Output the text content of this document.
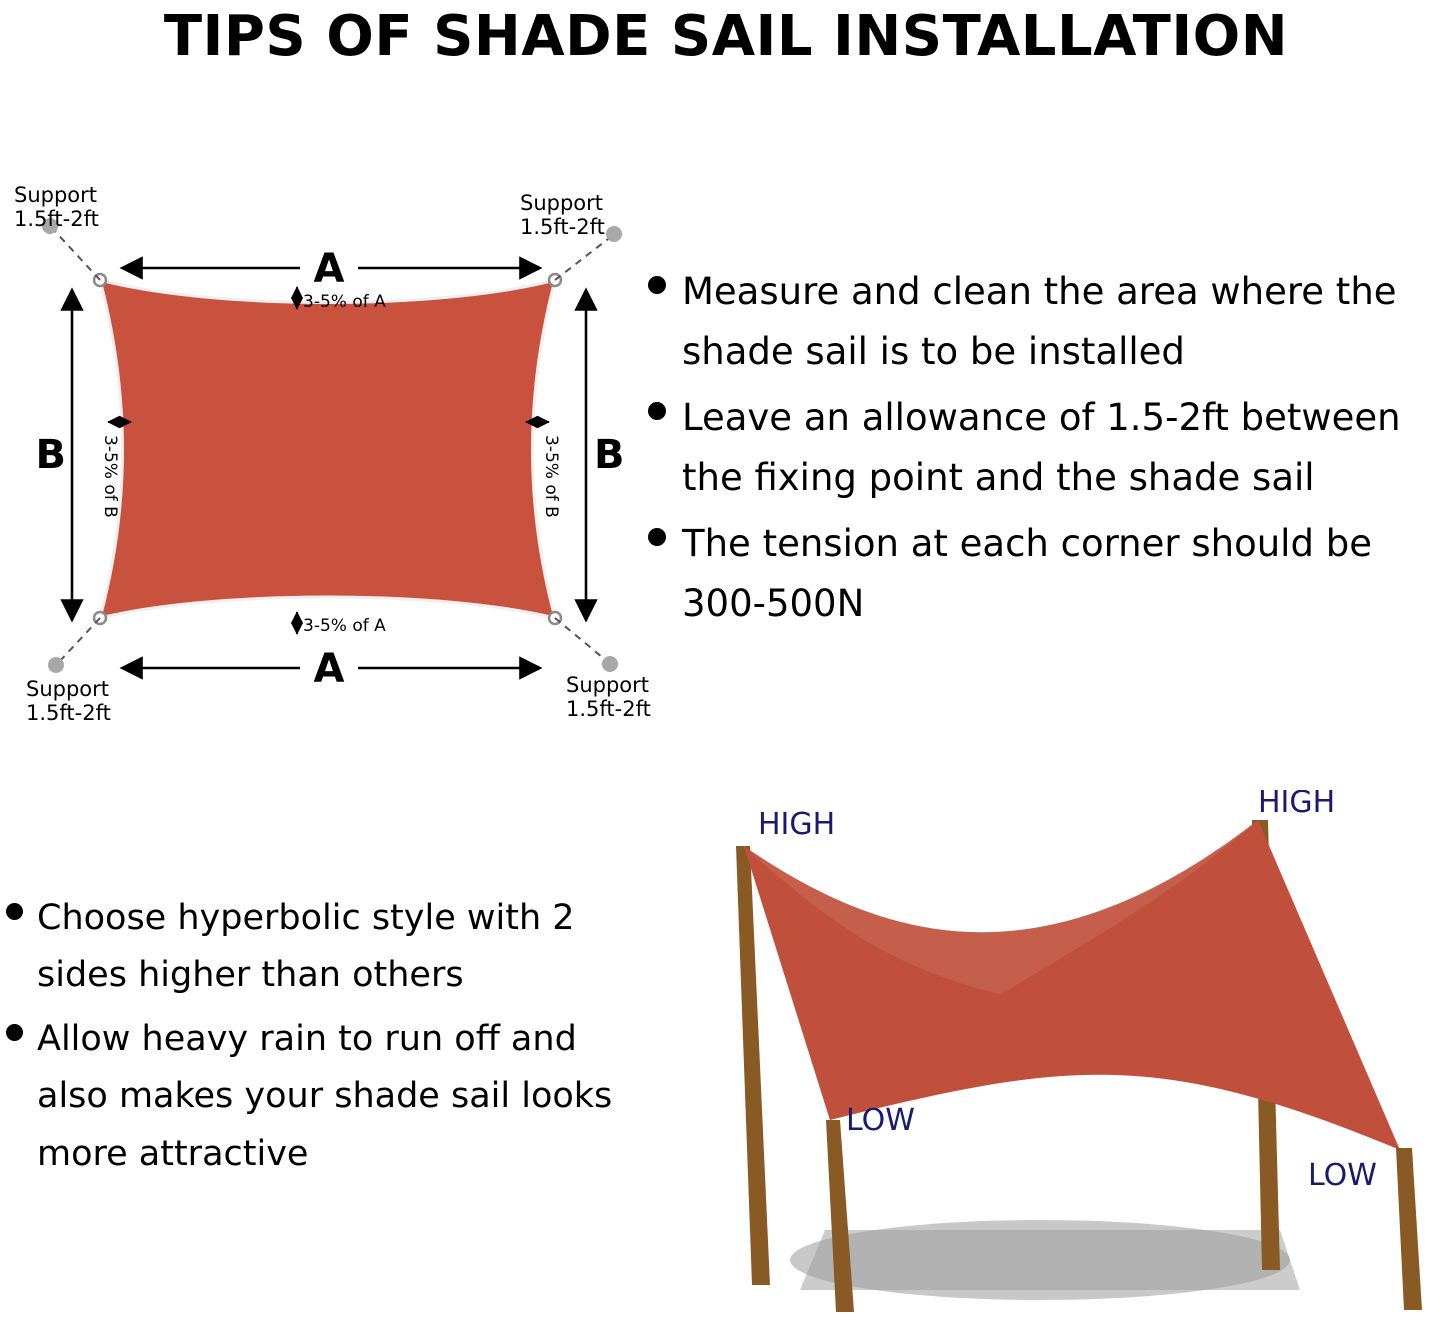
TIPS OF SHADE SAIL INSTALLATION
A
3-5% of A
A
3-5% of A
B 3-5% of B	B
3-5% of B
Support
1.5ft-2ft
Support
1.5ft-2ft
Support
1.5ft-2ft
Support
1.5ft-2ft
Measure and clean the area where the shade sail is to be installed
Leave an allowance of 1.5-2ft between the fixing point and the shade sail
The tension at each corner should be 300-500N
Choose hyperbolic style with 2 sides higher than others
Allow heavy rain to run off and also makes your shade sail looks more attractive
HIGH
HIGH
LOW
LOW
